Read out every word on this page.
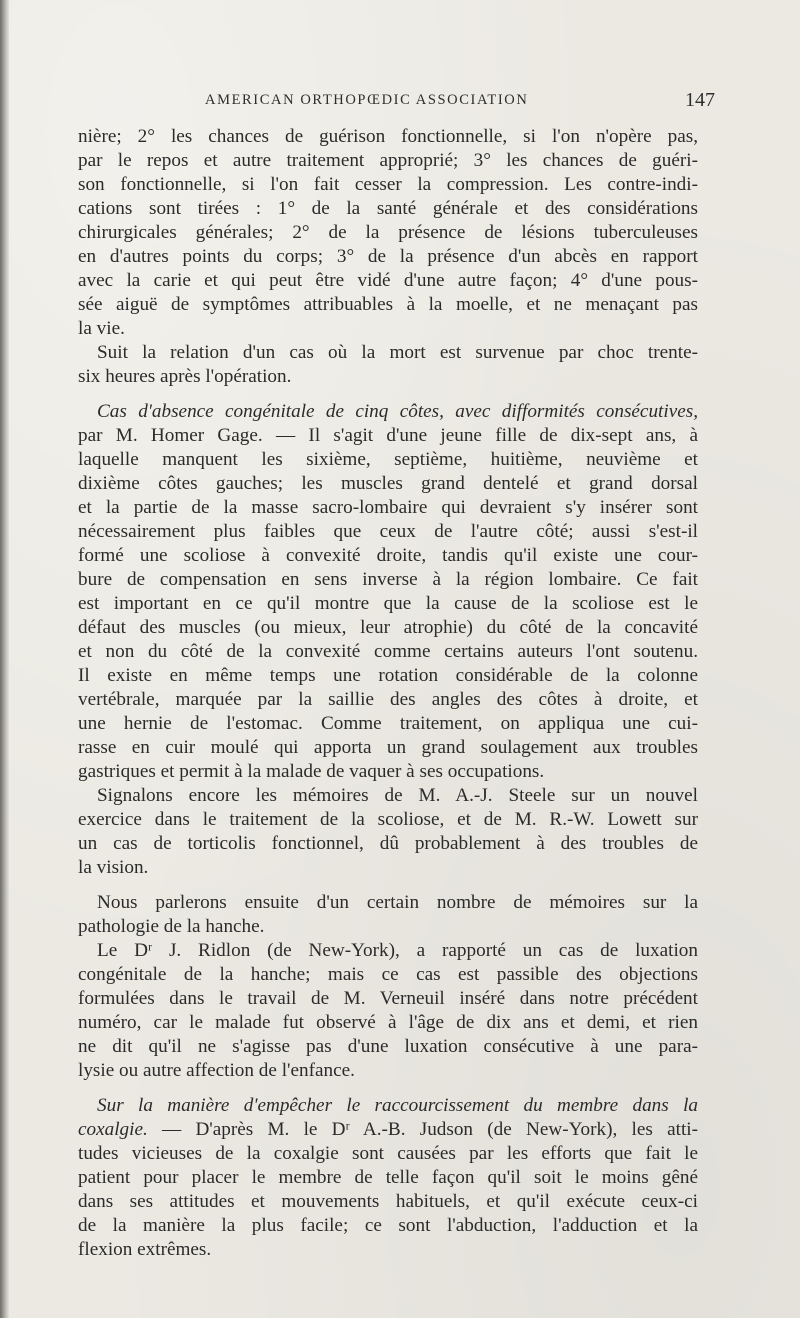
AMERICAN ORTHOPŒDIC ASSOCIATION	147
nière; 2° les chances de guérison fonctionnelle, si l'on n'opère pas,
par le repos et autre traitement approprié; 3° les chances de guéri-
son fonctionnelle, si l'on fait cesser la compression. Les contre-indi-
cations sont tirées : 1° de la santé générale et des considérations
chirurgicales générales; 2° de la présence de lésions tuberculeuses
en d'autres points du corps; 3° de la présence d'un abcès en rapport
avec la carie et qui peut être vidé d'une autre façon; 4° d'une pous-
sée aiguë de symptômes attribuables à la moelle, et ne menaçant pas
la vie.
Suit la relation d'un cas où la mort est survenue par choc trente-
six heures après l'opération.
Cas d'absence congénitale de cinq côtes, avec difformités consécutives,
par M. Homer Gage. — Il s'agit d'une jeune fille de dix-sept ans, à
laquelle manquent les sixième, septième, huitième, neuvième et
dixième côtes gauches; les muscles grand dentelé et grand dorsal
et la partie de la masse sacro-lombaire qui devraient s'y insérer sont
nécessairement plus faibles que ceux de l'autre côté; aussi s'est-il
formé une scoliose à convexité droite, tandis qu'il existe une cour-
bure de compensation en sens inverse à la région lombaire. Ce fait
est important en ce qu'il montre que la cause de la scoliose est le
défaut des muscles (ou mieux, leur atrophie) du côté de la concavité
et non du côté de la convexité comme certains auteurs l'ont soutenu.
Il existe en même temps une rotation considérable de la colonne
vertébrale, marquée par la saillie des angles des côtes à droite, et
une hernie de l'estomac. Comme traitement, on appliqua une cui-
rasse en cuir moulé qui apporta un grand soulagement aux troubles
gastriques et permit à la malade de vaquer à ses occupations.
Signalons encore les mémoires de M. A.-J. Steele sur un nouvel
exercice dans le traitement de la scoliose, et de M. R.-W. Lowett sur
un cas de torticolis fonctionnel, dû probablement à des troubles de
la vision.
Nous parlerons ensuite d'un certain nombre de mémoires sur la
pathologie de la hanche.
Le Dʳ J. Ridlon (de New-York), a rapporté un cas de luxation
congénitale de la hanche; mais ce cas est passible des objections
formulées dans le travail de M. Verneuil inséré dans notre précédent
numéro, car le malade fut observé à l'âge de dix ans et demi, et rien
ne dit qu'il ne s'agisse pas d'une luxation consécutive à une para-
lysie ou autre affection de l'enfance.
Sur la manière d'empêcher le raccourcissement du membre dans la
coxalgie. — D'après M. le Dʳ A.-B. Judson (de New-York), les atti-
tudes vicieuses de la coxalgie sont causées par les efforts que fait le
patient pour placer le membre de telle façon qu'il soit le moins gêné
dans ses attitudes et mouvements habituels, et qu'il exécute ceux-ci
de la manière la plus facile; ce sont l'abduction, l'adduction et la
flexion extrêmes.
